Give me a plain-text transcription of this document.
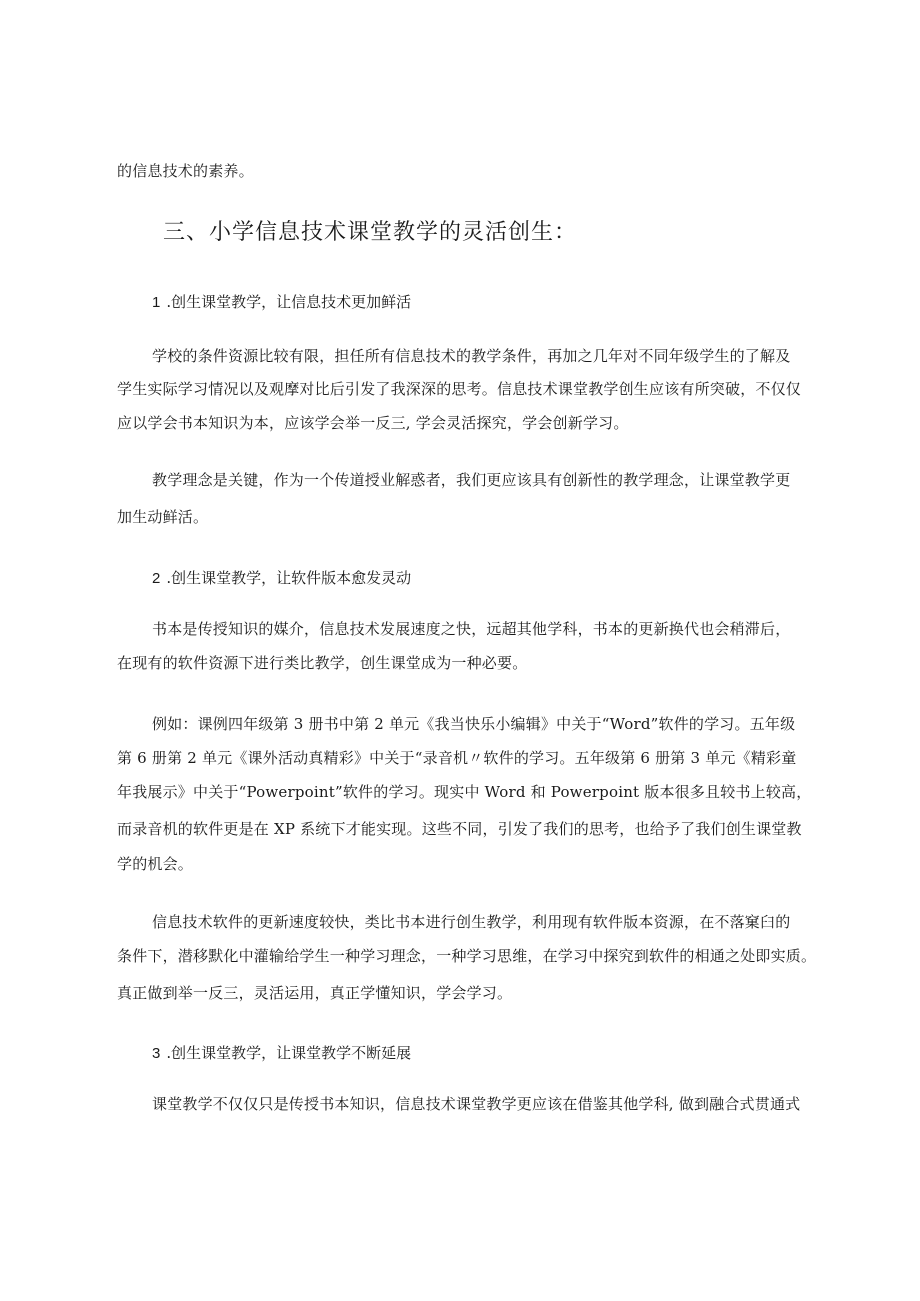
的信息技术的素养。
三、小学信息技术课堂教学的灵活创生：
1 .创生课堂教学，让信息技术更加鲜活
学校的条件资源比较有限，担任所有信息技术的教学条件，再加之几年对不同年级学生的了解及
学生实际学习情况以及观摩对比后引发了我深深的思考。信息技术课堂教学创生应该有所突破，不仅仅
应以学会书本知识为本，应该学会举一反三, 学会灵活探究，学会创新学习。
教学理念是关键，作为一个传道授业解惑者，我们更应该具有创新性的教学理念，让课堂教学更
加生动鲜活。
2 .创生课堂教学，让软件版本愈发灵动
书本是传授知识的媒介，信息技术发展速度之快，远超其他学科，书本的更新换代也会稍滞后，
在现有的软件资源下进行类比教学，创生课堂成为一种必要。
例如：课例四年级第 3 册书中第 2 单元《我当快乐小编辑》中关于“Word”软件的学习。五年级
第 6 册第 2 单元《课外活动真精彩》中关于“录音机〃软件的学习。五年级第 6 册第 3 单元《精彩童
年我展示》中关于“Powerpoint”软件的学习。现实中 Word 和 Powerpoint 版本很多且较书上较高，
而录音机的软件更是在 XP 系统下才能实现。这些不同，引发了我们的思考，也给予了我们创生课堂教
学的机会。
信息技术软件的更新速度较快，类比书本进行创生教学，利用现有软件版本资源，在不落窠臼的
条件下，潜移默化中灌输给学生一种学习理念，一种学习思维，在学习中探究到软件的相通之处即实质。
真正做到举一反三，灵活运用，真正学懂知识，学会学习。
3 .创生课堂教学，让课堂教学不断延展
课堂教学不仅仅只是传授书本知识，信息技术课堂教学更应该在借鉴其他学科, 做到融合式贯通式
